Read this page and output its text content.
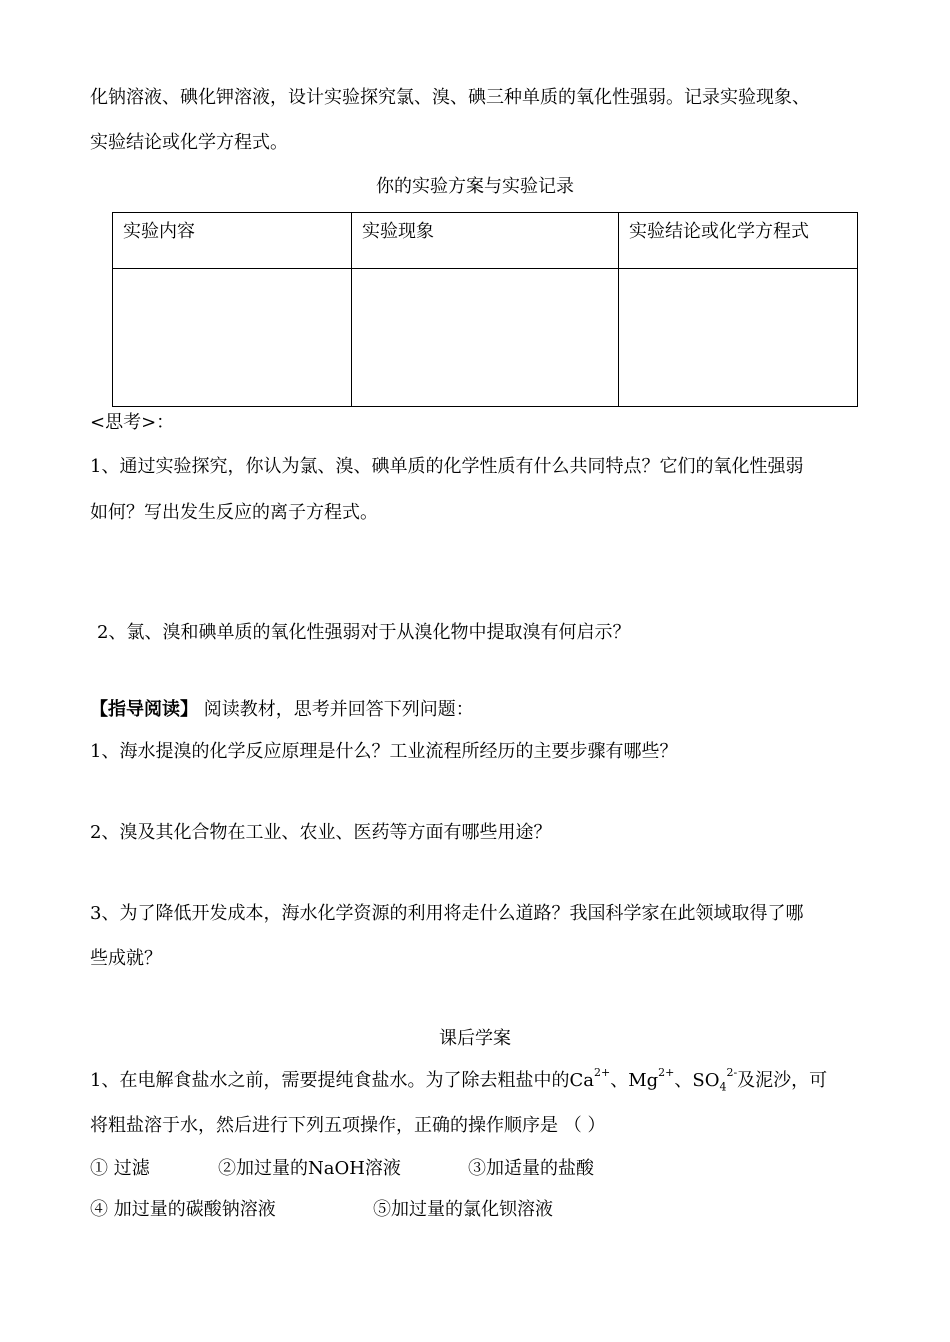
化钠溶液、碘化钾溶液，设计实验探究氯、溴、碘三种单质的氧化性强弱。记录实验现象、
实验结论或化学方程式。
你的实验方案与实验记录
实验内容	实验现象	实验结论或化学方程式

<思考>：
1、通过实验探究，你认为氯、溴、碘单质的化学性质有什么共同特点？它们的氧化性强弱
如何？写出发生反应的离子方程式。
2、氯、溴和碘单质的氧化性强弱对于从溴化物中提取溴有何启示？
【指导阅读】 阅读教材，思考并回答下列问题：
1、海水提溴的化学反应原理是什么？工业流程所经历的主要步骤有哪些？
2、溴及其化合物在工业、农业、医药等方面有哪些用途？
3、为了降低开发成本，海水化学资源的利用将走什么道路？我国科学家在此领域取得了哪
些成就？
课后学案
1、在电解食盐水之前，需要提纯食盐水。为了除去粗盐中的$Ca^{2+}$、$Mg^{2+}$、$SO_4^{2-}$及泥沙，可
将粗盐溶于水，然后进行下列五项操作，正确的操作顺序是 （ ）
① 过滤	②加过量的NaOH溶液	③加适量的盐酸
④ 加过量的碳酸钠溶液	⑤加过量的氯化钡溶液
